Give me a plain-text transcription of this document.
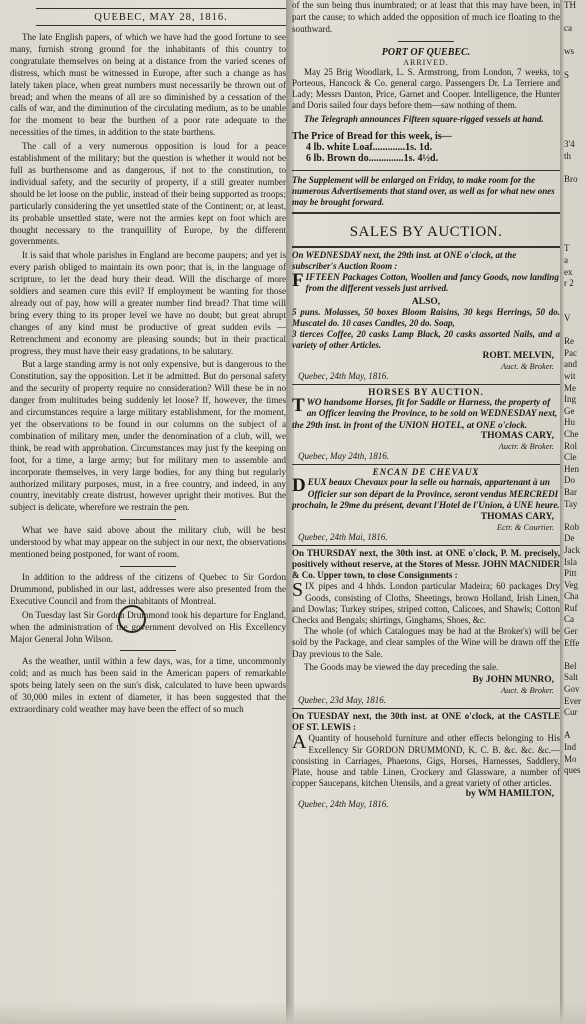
QUEBEC, MAY 28, 1816.

The late English papers, of which we have had the good fortune to see many, furnish strong ground for the inhabitants of this country to congratulate themselves on being at a distance from the varied scenes of distress, which must be witnessed in Europe, after such a change as has lately taken place, when great numbers must necessarily be thrown out of bread; and when the means of all are so diminished by a cessation of the calls of war, and the diminution of the circulating medium, as to be unable for the moment to bear the burthen of a poor rate adequate to the necessities of the times, in addition to the state burthens.

The call of a very numerous opposition is loud for a peace establishment of the military; but the question is whether it would not be full as burthensome and as dangerous, if not to the constitution, to individual safety, and the security of property, if a still greater number should be let loose on the public, instead of their being supported as troops; particularly considering the yet unsettled state of the Continent; or, at least, its probable unsettled state, were not the armies kept on foot which are thought necessary to the tranquillity of Europe, by the different governments.

It is said that whole parishes in England are become paupers; and yet is every parish obliged to maintain its own poor; that is, in the language of scripture, to let the dead bury their dead. Will the discharge of more soldiers and seamen cure this evil? If employment be wanting for those already out of pay, how will a greater number find bread? That time will bring every thing to its proper level we have no doubt; but great abrupt changes of any kind must be productive of great sudden evils — Retrenchment and economy are pleasing sounds; but in their practical progress, they must have their easy gradations, to be salutary.

But a large standing army is not only expensive, but is dangerous to the Constitution, say the opposition. Let it be admitted. But do personal safety and the security of property require no consideration? Will these be in no danger from multitudes being suddenly let loose? If, however, the times and circumstances require a large military establishment, for the moment, yet the observations to be found in our columns on the subject of a combination of military men, under the denomination of a club, will, we think, be read with approbation. Circumstances may just fy the keeping on foot, for a time, a large army; but for military men to assemble and incorporate themselves, in very large bodies, for any thing but regularly authorized military purposes, must, in a free country, and indeed, in any country, inevitably create distrust, however upright their motives. But the subject is delicate, wherefore we restrain the pen.

What we have said above about the military club, will be best understood by what may appear on the subject in our next, the observations mentioned being postponed, for want of room.

In addition to the address of the citizens of Quebec to Sir Gordon Drummond, published in our last, addresses were also presented from the Executive Council and from the inhabitants of Montreal.

On Tuesday last Sir Gordon Drummond took his departure for England, when the administration of the government devolved on His Excellency Major General John Wilson.

As the weather, until within a few days, was, for a time, uncommonly cold; and as much has been said in the American papers of remarkable spots being lately seen on the sun's disk, calculated to have been upwards of 30,000 miles in extent of diameter, it has been suggested that the extraordinary cold weather may have been the effect of so much

of the sun being thus inumbrated; or at least that this may have been, in part the cause; to which added the opposition of much ice floating to the southward.

PORT OF QUEBEC.
ARRIVED.

May 25 Brig Woodlark, L. S. Armstrong, from London, 7 weeks, to Porteous, Hancock & Co. general cargo. Passengers Dr. La Terriere and Lady; Messrs Danton, Price, Garnet and Cooper. Intelligence, the Hunter and Doris sailed four days before them—saw nothing of them.

The Telegraph announces Fifteen square-rigged vessels at hand.

The Price of Bread for this week, is—
4 lb. white Loaf.............1s. 1d.
6 lb. Brown do..............1s. 4½d.
The Supplement will be enlarged on Friday, to make room for the numerous Advertisements that stand over, as well as for what new ones may be brought forward.
SALES BY AUCTION.
On WEDNESDAY next, the 29th inst. at ONE o'clock, at the subscriber's Auction Room :
FIFTEEN Packages Cotton, Woollen and fancy Goods, now landing from the different vessels just arrived.
ALSO,
5 puns. Molasses, 50 boxes Bloom Raisins, 30 kegs Herrings, 50 do. Muscatel do. 10 cases Candles, 20 do. Soap,
3 tierces Coffee, 20 casks Lamp Black, 20 casks assorted Nails, and a variety of other Articles.
ROBT. MELVIN,
Auct. & Broker.
Quebec, 24th May, 1816.
HORSES BY AUCTION.
TWO handsome Horses, fit for Saddle or Harness, the property of an Officer leaving the Province, to be sold on WEDNESDAY next, the 29th inst. in front of the UNION HOTEL, at ONE o'clock.
THOMAS CARY,
Auctr. & Broker.
Quebec, May 24th, 1816.
ENCAN DE CHEVAUX
DEUX beaux Chevaux pour la selle ou harnais, appartenant à un Officier sur son départ de la Province, seront vendus MERCREDI prochain, le 29me du présent, devant l'Hotel de l'Union, à UNE heure.
THOMAS CARY,
Ectr. & Courtier.
Quebec, 24th Mai, 1816.
On THURSDAY next, the 30th inst. at ONE o'clock, P. M. precisely, positively without reserve, at the Stores of Messr. JOHN MACNIDER & Co. Upper town, to close Consignments :
SIX pipes and 4 hhds. London particular Madeira; 60 packages Dry Goods, consisting of Cloths, Sheetings, brown Holland, Irish Linen, and Dowlas; Turkey stripes, striped cotton, Calicoes, and Shawls; Cotton Checks and Bengals; shirtings, Ginghams, Shoes, &c.
The whole (of which Catalogues may be had at the Broker's) will be sold by the Package, and clear samples of the Wine will be drawn off the Day previous to the Sale.
The Goods may be viewed the day preceding the sale.
By JOHN MUNRO,
Auct. & Broker.
Quebec, 23d May, 1816.
On TUESDAY next, the 30th inst. at ONE o'clock, at the CASTLE OF ST. LEWIS :
A Quantity of household furniture and other effects belonging to His Excellency Sir GORDON DRUMMOND, K. C. B. &c. &c. &c.—consisting in Carriages, Phaetons, Gigs, Horses, Harnesses, Saddlery, Plate, house and table Linen, Crockery and Glassware, a number of copper Saucepans, kitchen Utensils, and a great variety of other articles.
by WM HAMILTON,
Quebec, 24th May, 1816.
TH

ca

ws

S

3'4
th

Bro

T
a
ex
r 2

V

Re
Pac
and
wit
Me
Ing
Ge
Hu
Che
Rol
Cle
Hen
Do
Bar
Tay

Rob
De
Jack
Isla
Pitt
Veg
Cha
Ruf
Ca
Ger
Effe

Bel
Salt
Gov
Ever
Cur

A
Ind
Mo
ques
